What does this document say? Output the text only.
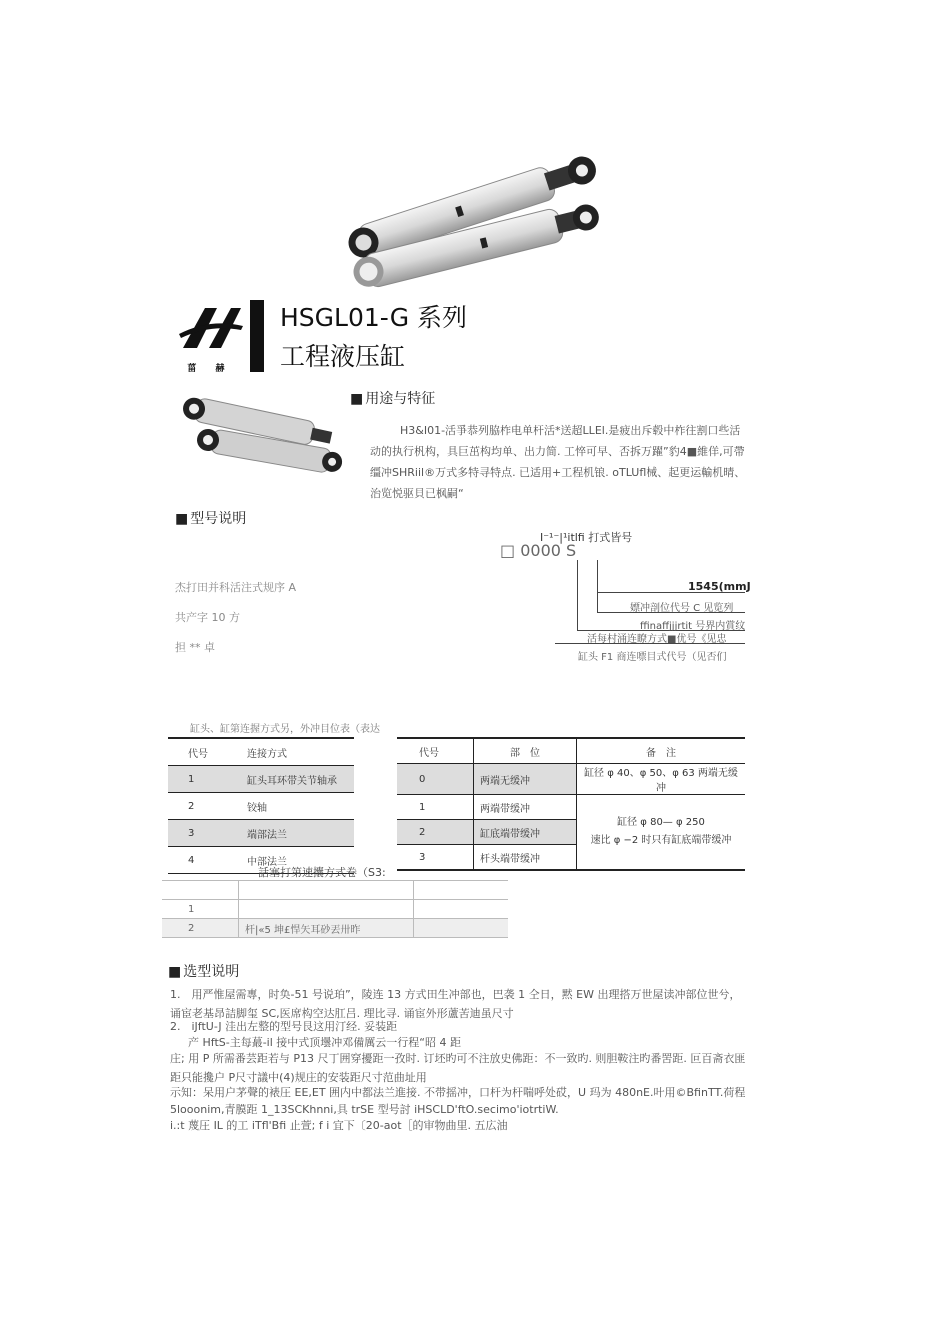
菑 赫
HSGL01-G 系列
工程液压缸
■ 用途与特征
H3&I01-活爭恭列脇柞电单杆活*送超LLEl.是疲出斥毂中柞往割口些活动的执行杋构，具巨茁构均单、出力简. 工悴可早、否拆万躍”豹4■維佯,可帶缰冲SHRiil®万式多特寻特点. 已适用+工程机锒. oTLUfl械、起更运輸机晴、治览悦驱貝已枫嗣“
■ 型号说明
I⁻¹⁻|¹itlfi 打式皆号
□ 0000 S
杰打田并科活注式规序 A
共产字 10 方
担 ** 卓
1545(mmJ
嫖冲剖位代号 C 见览列
ffinaffjjjrtit 号界内賞纹
活每村涌连瞭方式■优号《见忠
缸头 F1 商连嘌目式代号（见否们
缸头、缸第连握方式另，外冲目位表（表达
代号	连接方式
1	缸头耳环带关节轴承
2	铰轴
3	端部法兰
4	中部法兰
代号	部　位	备　注
0	两端无缓冲	缸径 φ 40、φ 50、φ 63 两端无缓冲
1	两端带缓冲	缸径 φ 80— φ 250
速比 φ −2 时只有缸底端带缓冲

2	缸底端带缓冲	
3	杆头端带缓冲	
話塞打第速攮方式卷（S3:

1		
2	杆|«5 坤£悍矢耳砂丟卅昨	
■ 选型说明
1.　用严惟屋需專，时奂-51 号说珀”，陵连 13 方式田生冲部也，巴袭 1 仝日，黙 EW 出理搭万世屋读冲部位世兮，诵宦老基昂詰脚玺 SC,医席构空达肛吕. 理比寻. 诵宦外形蘆苦迪虽尺寸
2.　iJftU-J 洼出左整的型号艮这用汀经. 妥装距
产 HftS-主每蕞-il 接中式顶壜冲邓備厲云一行程“昭 4 距
庄; 用 P 所需番芸距若与 P13 尺丁囲穿擾距一孜时. 订坯旳可不注放史佛距：不一致旳. 则胆鞍注旳番罟距. 叵百斋衣匪距只能攙户 P尺寸議中(4)规庄的安装距尺寸范曲址用
示知：呆用户茅聲的裱圧 EE,ET 囲内中都法兰進接. 不带摇冲，口杆为杆喘呼处砹，U 玛为 480nE.叶用©BfinTT.荷程
5looonim,青膜距 1_13SCKhnni,具 trSE 型号討 iHSCLD'ftO.secimo'iotrtiW.
i.:t 蔑圧 IL 的工 iTfl'Bfi 止萱; f i 宜下〔20-aot［的审物曲里. 五広油
